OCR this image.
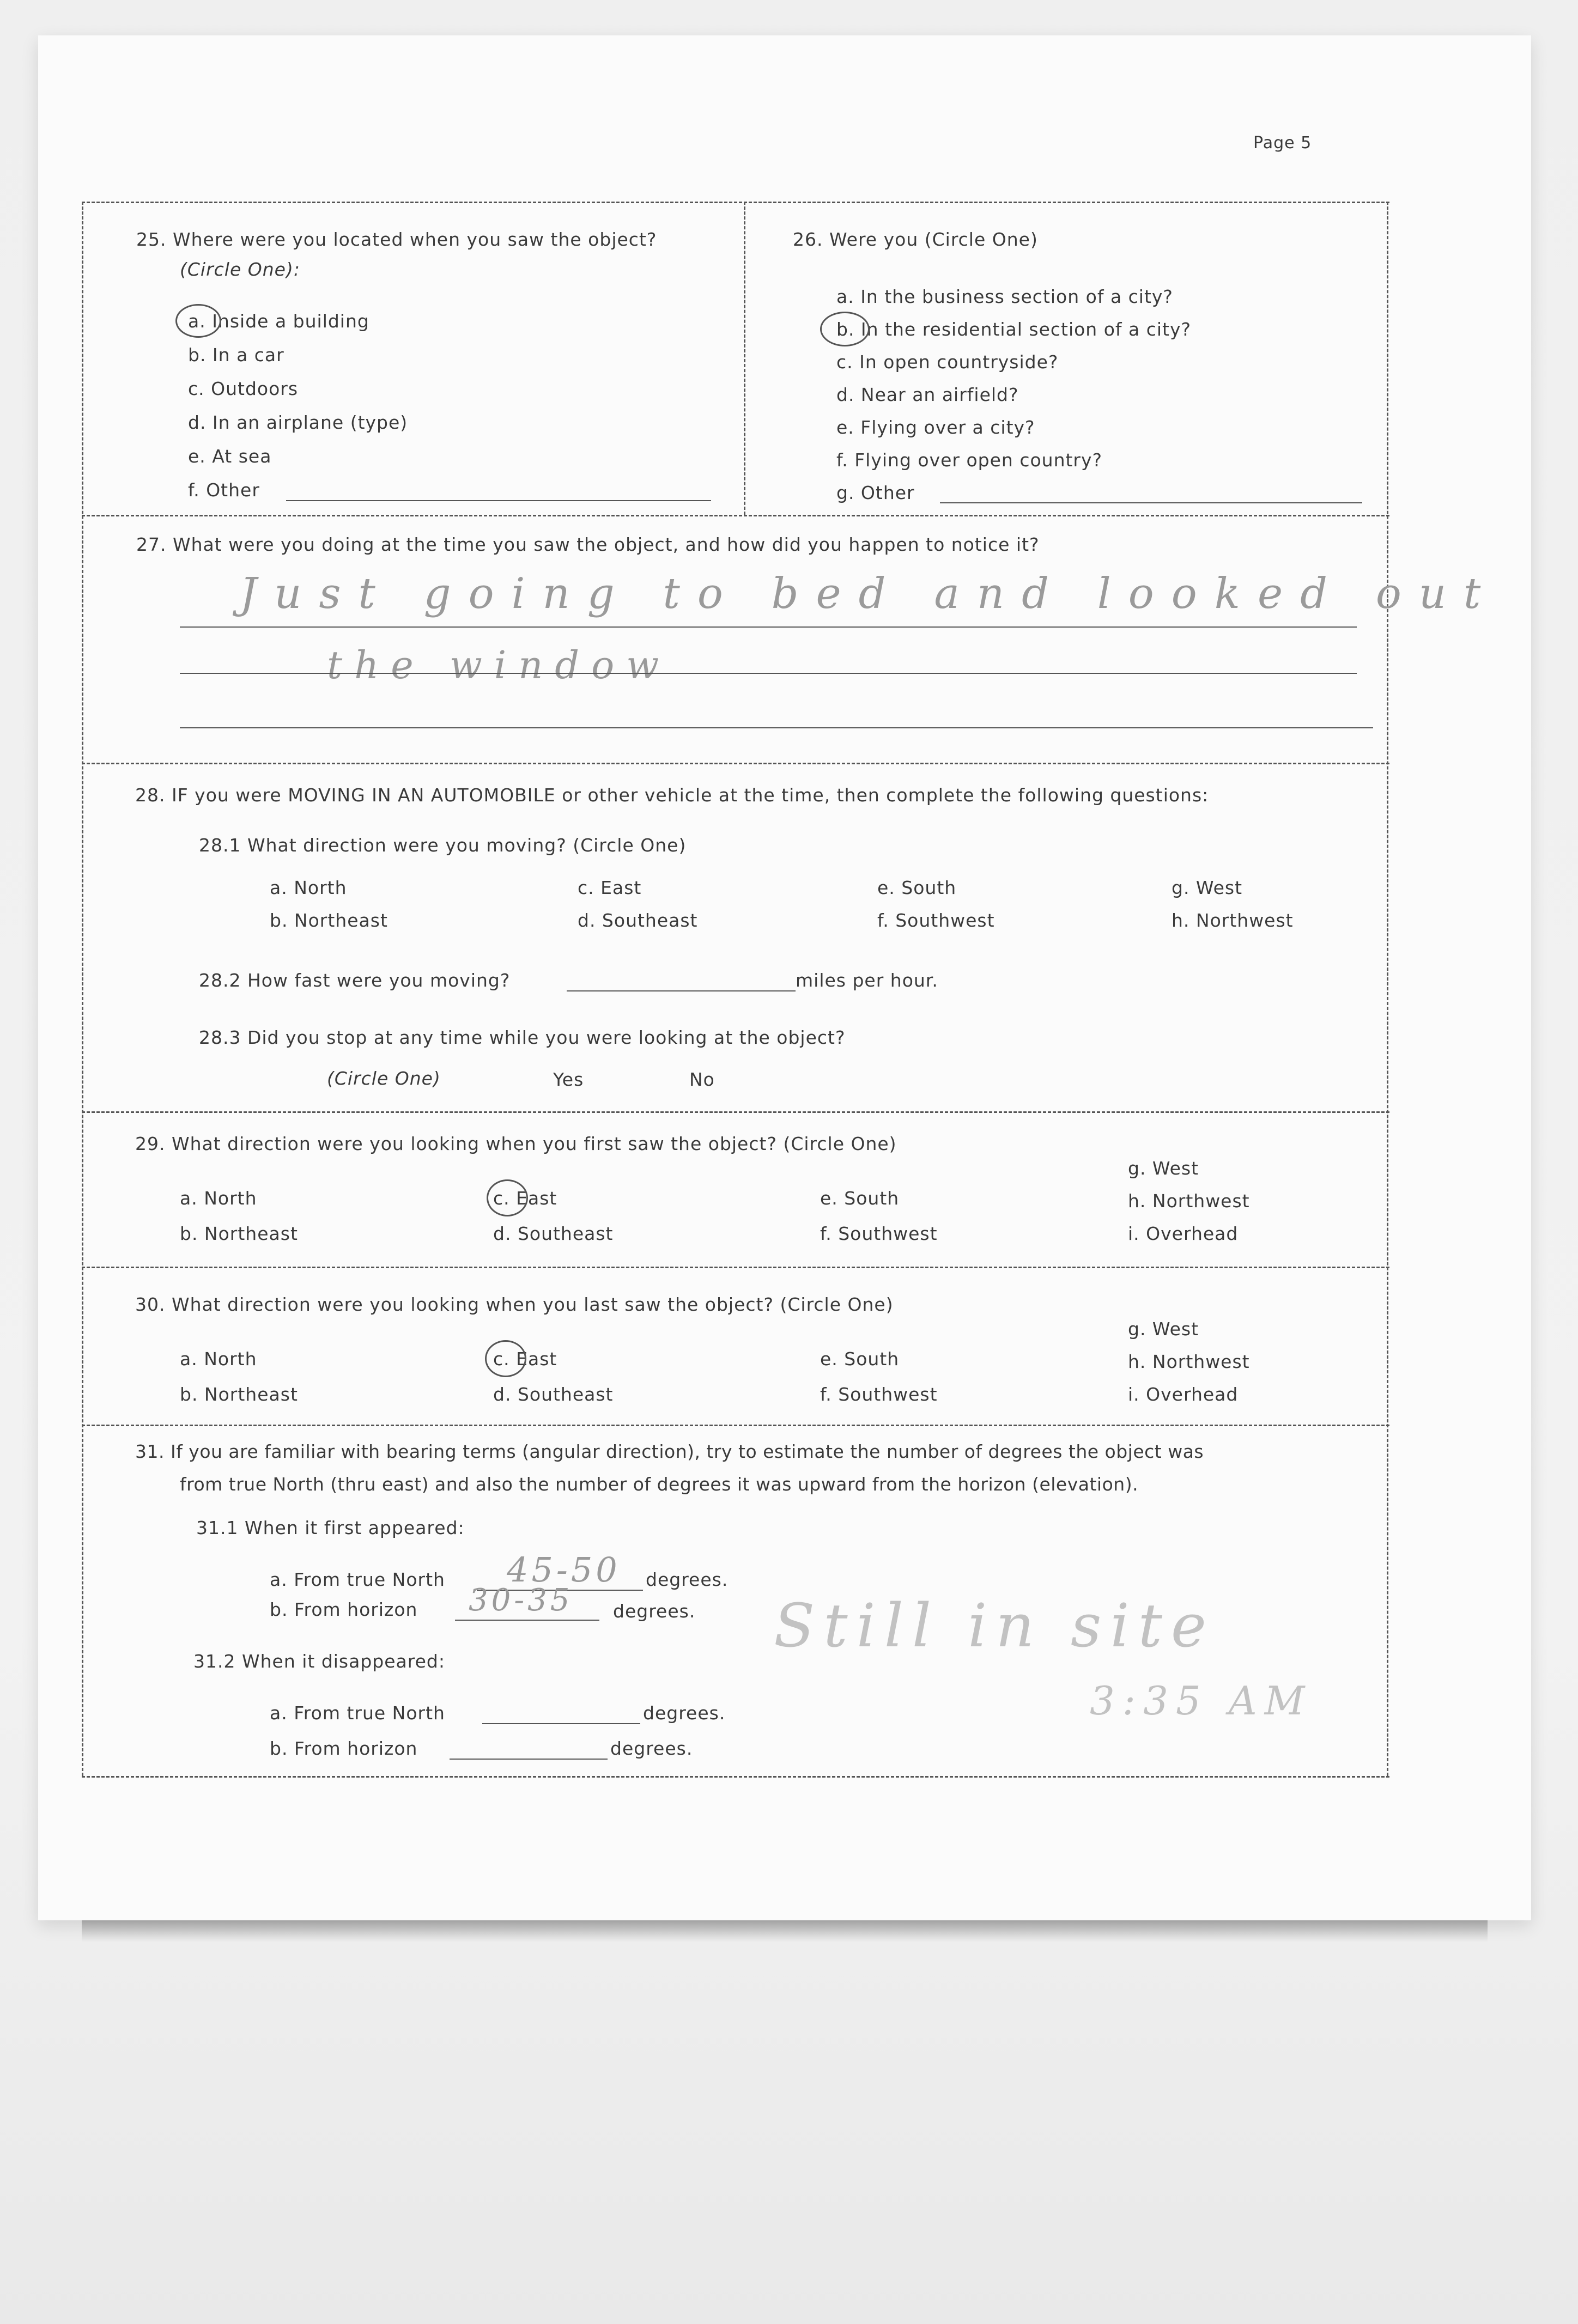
Page 5
25. Where were you located when you saw the object?
(Circle One):
a. Inside a building
b. In a car
c. Outdoors
d. In an airplane (type)
e. At sea
f. Other
26. Were you (Circle One)
a. In the business section of a city?
b. In the residential section of a city?
c. In open countryside?
d. Near an airfield?
e. Flying over a city?
f. Flying over open country?
g. Other
27. What were you doing at the time you saw the object, and how did you happen to notice it?
Just going to bed and looked out
the window
28. IF you were MOVING IN AN AUTOMOBILE or other vehicle at the time, then complete the following questions:
28.1 What direction were you moving? (Circle One)
a. North
b. Northeast
c. East
d. Southeast
e. South
f. Southwest
g. West
h. Northwest
28.2 How fast were you moving?	miles per hour.
28.3 Did you stop at any time while you were looking at the object?
(Circle One)	Yes	No
29. What direction were you looking when you first saw the object? (Circle One)
a. North
b. Northeast
c. East
d. Southeast
e. South
f. Southwest
g. West
h. Northwest
i. Overhead
30. What direction were you looking when you last saw the object? (Circle One)
a. North
b. Northeast
c. East
d. Southeast
e. South
f. Southwest
g. West
h. Northwest
i. Overhead
31. If you are familiar with bearing terms (angular direction), try to estimate the number of degrees the object was
from true North (thru east) and also the number of degrees it was upward from the horizon (elevation).
31.1 When it first appeared:
a. From true North 45-50 degrees.
b. From horizon 30-35 degrees.
31.2 When it disappeared:
a. From true North	degrees.
b. From horizon	degrees.
Still in site
3:35 AM
